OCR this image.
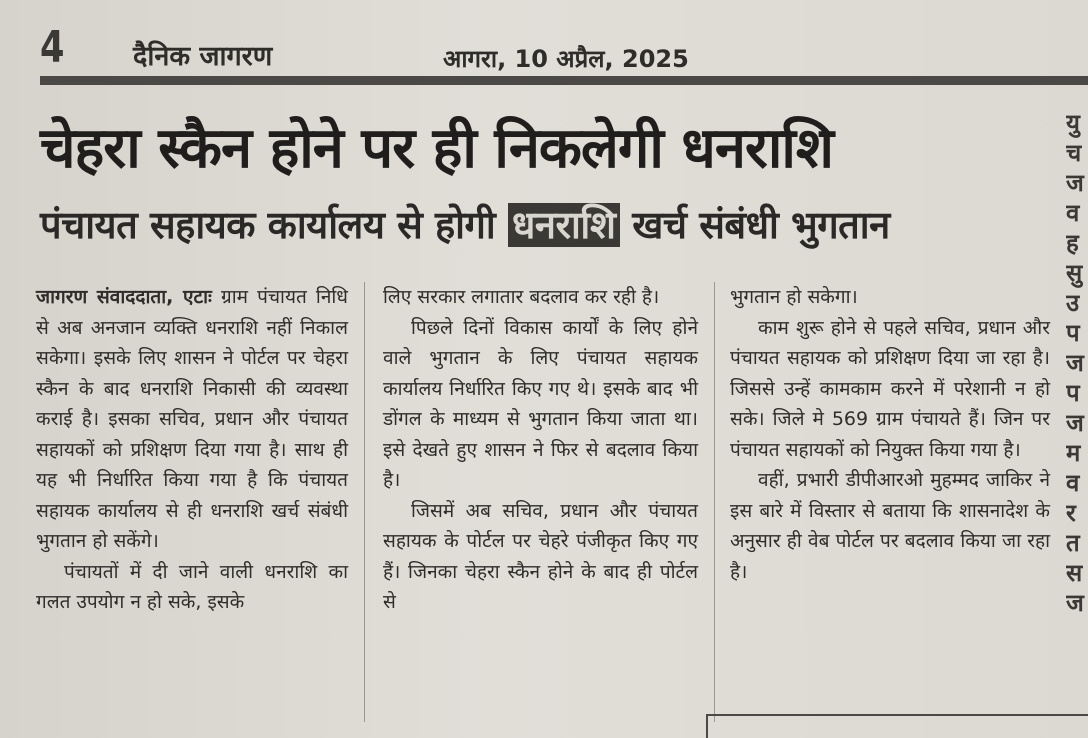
4	दैनिक जागरण	आगरा, 10 अप्रैल, 2025
चेहरा स्कैन होने पर ही निकलेगी धनराशि
पंचायत सहायक कार्यालय से होगी धनराशि खर्च संबंधी भुगतान

जागरण संवाददाता, एटाः ग्राम पंचायत निधि से अब अनजान व्यक्ति धनराशि नहीं निकाल सकेगा। इसके लिए शासन ने पोर्टल पर चेहरा स्कैन के बाद धनराशि निकासी की व्यवस्था कराई है। इसका सचिव, प्रधान और पंचायत सहायकों को प्रशिक्षण दिया गया है। साथ ही यह भी निर्धारित किया गया है कि पंचायत सहायक कार्यालय से ही धनराशि खर्च संबंधी भुगतान हो सकेंगे।

पंचायतों में दी जाने वाली धनराशि का गलत उपयोग न हो सके, इसके

लिए सरकार लगातार बदलाव कर रही है।

पिछले दिनों विकास कार्यों के लिए होने वाले भुगतान के लिए पंचायत सहायक कार्यालय निर्धारित किए गए थे। इसके बाद भी डोंगल के माध्यम से भुगतान किया जाता था। इसे देखते हुए शासन ने फिर से बदलाव किया है।

जिसमें अब सचिव, प्रधान और पंचायत सहायक के पोर्टल पर चेहरे पंजीकृत किए गए हैं। जिनका चेहरा स्कैन होने के बाद ही पोर्टल से

भुगतान हो सकेगा।

काम शुरू होने से पहले सचिव, प्रधान और पंचायत सहायक को प्रशिक्षण दिया जा रहा है। जिससे उन्हें कामकाम करने में परेशानी न हो सके। जिले मे 569 ग्राम पंचायते हैं। जिन पर पंचायत सहायकों को नियुक्त किया गया है।

वहीं, प्रभारी डीपीआरओ मुहम्मद जाकिर ने इस बारे में विस्तार से बताया कि शासनादेश के अनुसार ही वेब पोर्टल पर बदलाव किया जा रहा है।

यु
च
ज
व
ह
सु
उ
प
ज
प
ज
म
व
र
त
स
ज
